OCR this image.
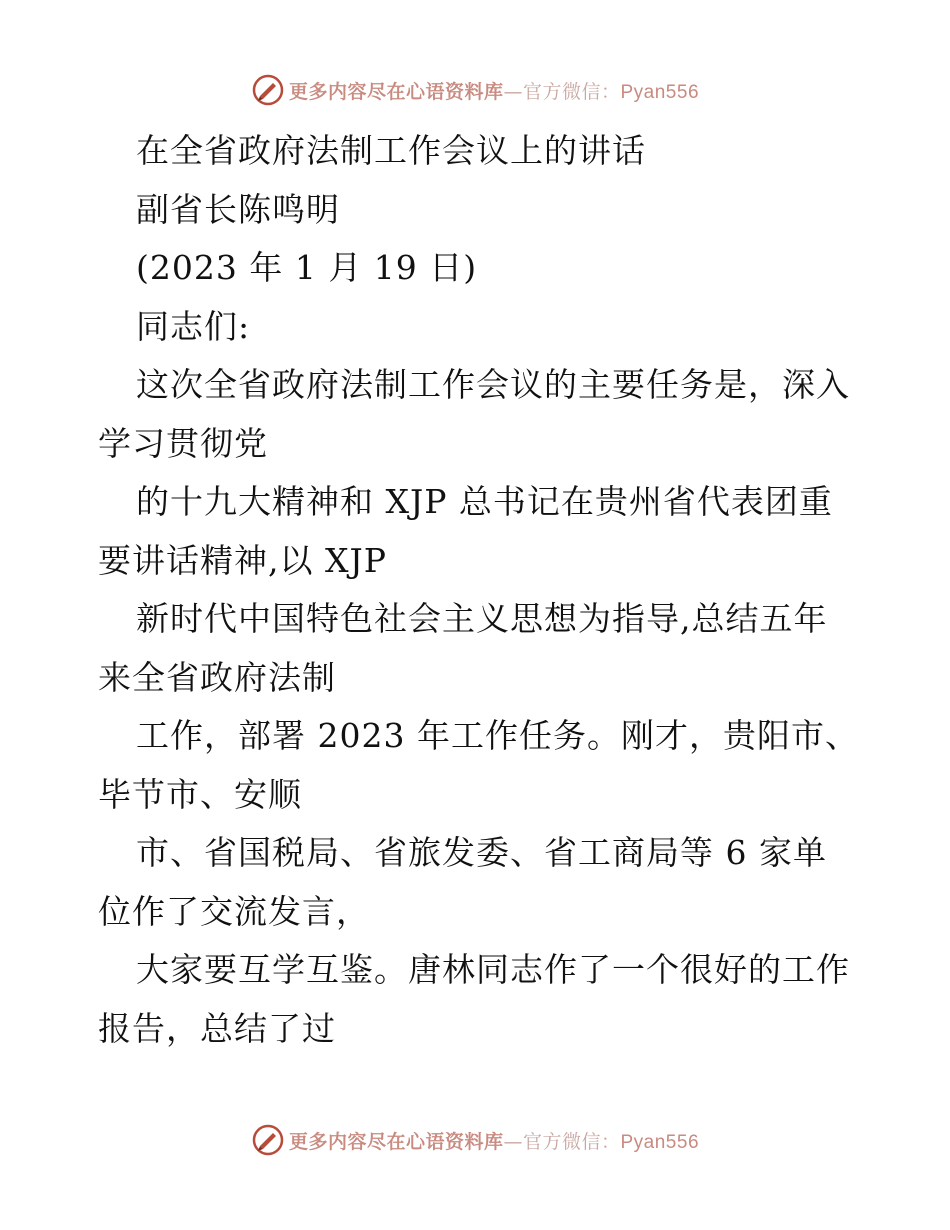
更多内容尽在心语资料库—官方微信：Pyan556
在全省政府法制工作会议上的讲话
副省长陈鸣明
(2023 年 1 月 19 日)
同志们:
这次全省政府法制工作会议的主要任务是，深入
学习贯彻党
的十九大精神和 XJP 总书记在贵州省代表团重
要讲话精神,以 XJP
新时代中国特色社会主义思想为指导,总结五年
来全省政府法制
工作，部署 2023 年工作任务。刚才，贵阳市、
毕节市、安顺
市、省国税局、省旅发委、省工商局等 6 家单
位作了交流发言，
大家要互学互鉴。唐林同志作了一个很好的工作
报告，总结了过
更多内容尽在心语资料库—官方微信：Pyan556
